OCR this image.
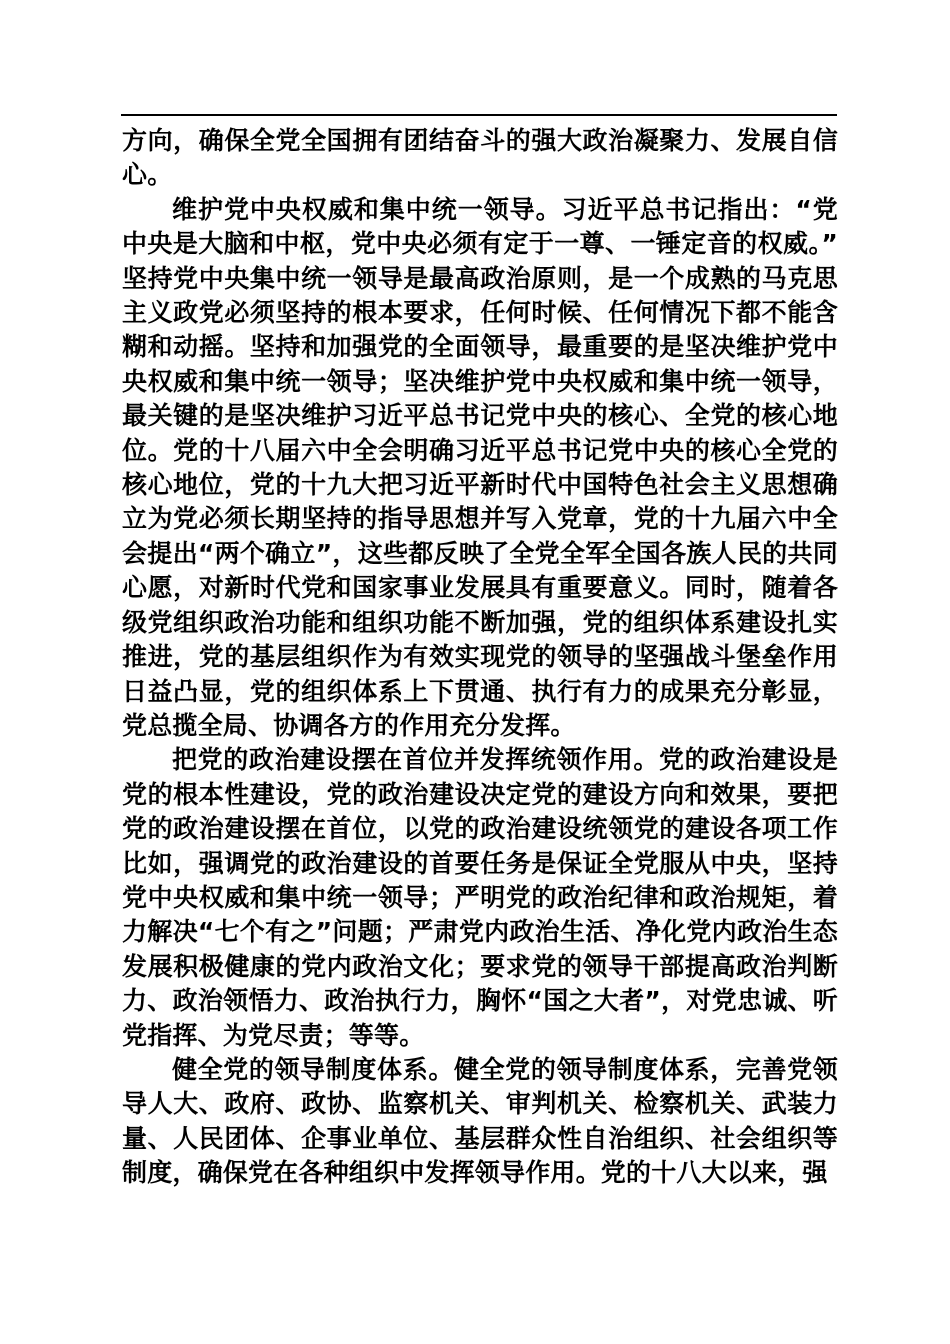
方向，确保全党全国拥有团结奋斗的强大政治凝聚力、发展自信心。

维护党中央权威和集中统一领导。习近平总书记指出：“党中央是大脑和中枢，党中央必须有定于一尊、一锤定音的权威。”坚持党中央集中统一领导是最高政治原则，是一个成熟的马克思主义政党必须坚持的根本要求，任何时候、任何情况下都不能含糊和动摇。坚持和加强党的全面领导，最重要的是坚决维护党中央权威和集中统一领导；坚决维护党中央权威和集中统一领导，最关键的是坚决维护习近平总书记党中央的核心、全党的核心地位。党的十八届六中全会明确习近平总书记党中央的核心全党的核心地位，党的十九大把习近平新时代中国特色社会主义思想确立为党必须长期坚持的指导思想并写入党章，党的十九届六中全会提出“两个确立”，这些都反映了全党全军全国各族人民的共同心愿，对新时代党和国家事业发展具有重要意义。同时，随着各级党组织政治功能和组织功能不断加强，党的组织体系建设扎实推进，党的基层组织作为有效实现党的领导的坚强战斗堡垒作用日益凸显，党的组织体系上下贯通、执行有力的成果充分彰显，党总揽全局、协调各方的作用充分发挥。

把党的政治建设摆在首位并发挥统领作用。党的政治建设是党的根本性建设，党的政治建设决定党的建设方向和效果，要把党的政治建设摆在首位，以党的政治建设统领党的建设各项工作比如，强调党的政治建设的首要任务是保证全党服从中央，坚持党中央权威和集中统一领导；严明党的政治纪律和政治规矩，着力解决“七个有之”问题；严肃党内政治生活、净化党内政治生态发展积极健康的党内政治文化；要求党的领导干部提高政治判断力、政治领悟力、政治执行力，胸怀“国之大者”，对党忠诚、听党指挥、为党尽责；等等。

健全党的领导制度体系。健全党的领导制度体系，完善党领导人大、政府、政协、监察机关、审判机关、检察机关、武装力量、人民团体、企事业单位、基层群众性自治组织、社会组织等制度，确保党在各种组织中发挥领导作用。党的十八大以来，强
